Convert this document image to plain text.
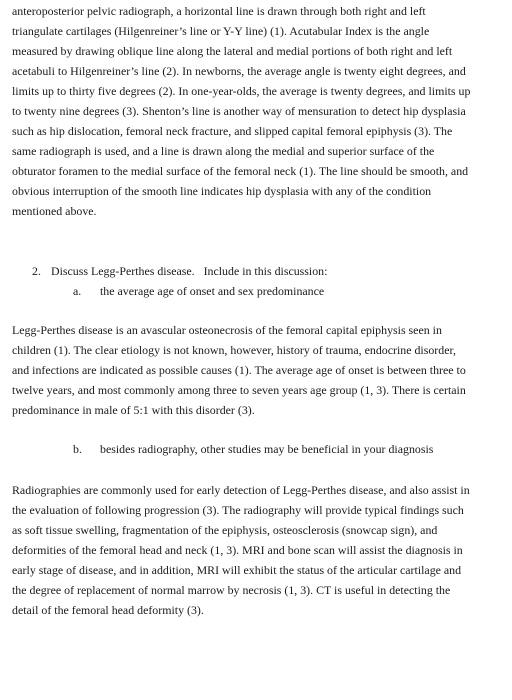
anteroposterior pelvic radiograph, a horizontal line is drawn through both right and left
triangulate cartilages (Hilgenreiner’s line or Y-Y line) (1). Acutabular Index is the angle
measured by drawing oblique line along the lateral and medial portions of both right and left
acetabuli to Hilgenreiner’s line (2). In newborns, the average angle is twenty eight degrees, and
limits up to thirty five degrees (2). In one-year-olds, the average is twenty degrees, and limits up
to twenty nine degrees (3). Shenton’s line is another way of mensuration to detect hip dysplasia
such as hip dislocation, femoral neck fracture, and slipped capital femoral epiphysis (3). The
same radiograph is used, and a line is drawn along the medial and superior surface of the
obturator foramen to the medial surface of the femoral neck (1). The line should be smooth, and
obvious interruption of the smooth line indicates hip dysplasia with any of the condition
mentioned above.

2. Discuss Legg-Perthes disease.   Include in this discussion:
a. the average age of onset and sex predominance

Legg-Perthes disease is an avascular osteonecrosis of the femoral capital epiphysis seen in
children (1). The clear etiology is not known, however, history of trauma, endocrine disorder,
and infections are indicated as possible causes (1). The average age of onset is between three to
twelve years, and most commonly among three to seven years age group (1, 3). There is certain
predominance in male of 5:1 with this disorder (3).

b. besides radiography, other studies may be beneficial in your diagnosis

Radiographies are commonly used for early detection of Legg-Perthes disease, and also assist in
the evaluation of following progression (3). The radiography will provide typical findings such
as soft tissue swelling, fragmentation of the epiphysis, osteosclerosis (snowcap sign), and
deformities of the femoral head and neck (1, 3). MRI and bone scan will assist the diagnosis in
early stage of disease, and in addition, MRI will exhibit the status of the articular cartilage and
the degree of replacement of normal marrow by necrosis (1, 3). CT is useful in detecting the
detail of the femoral head deformity (3).
